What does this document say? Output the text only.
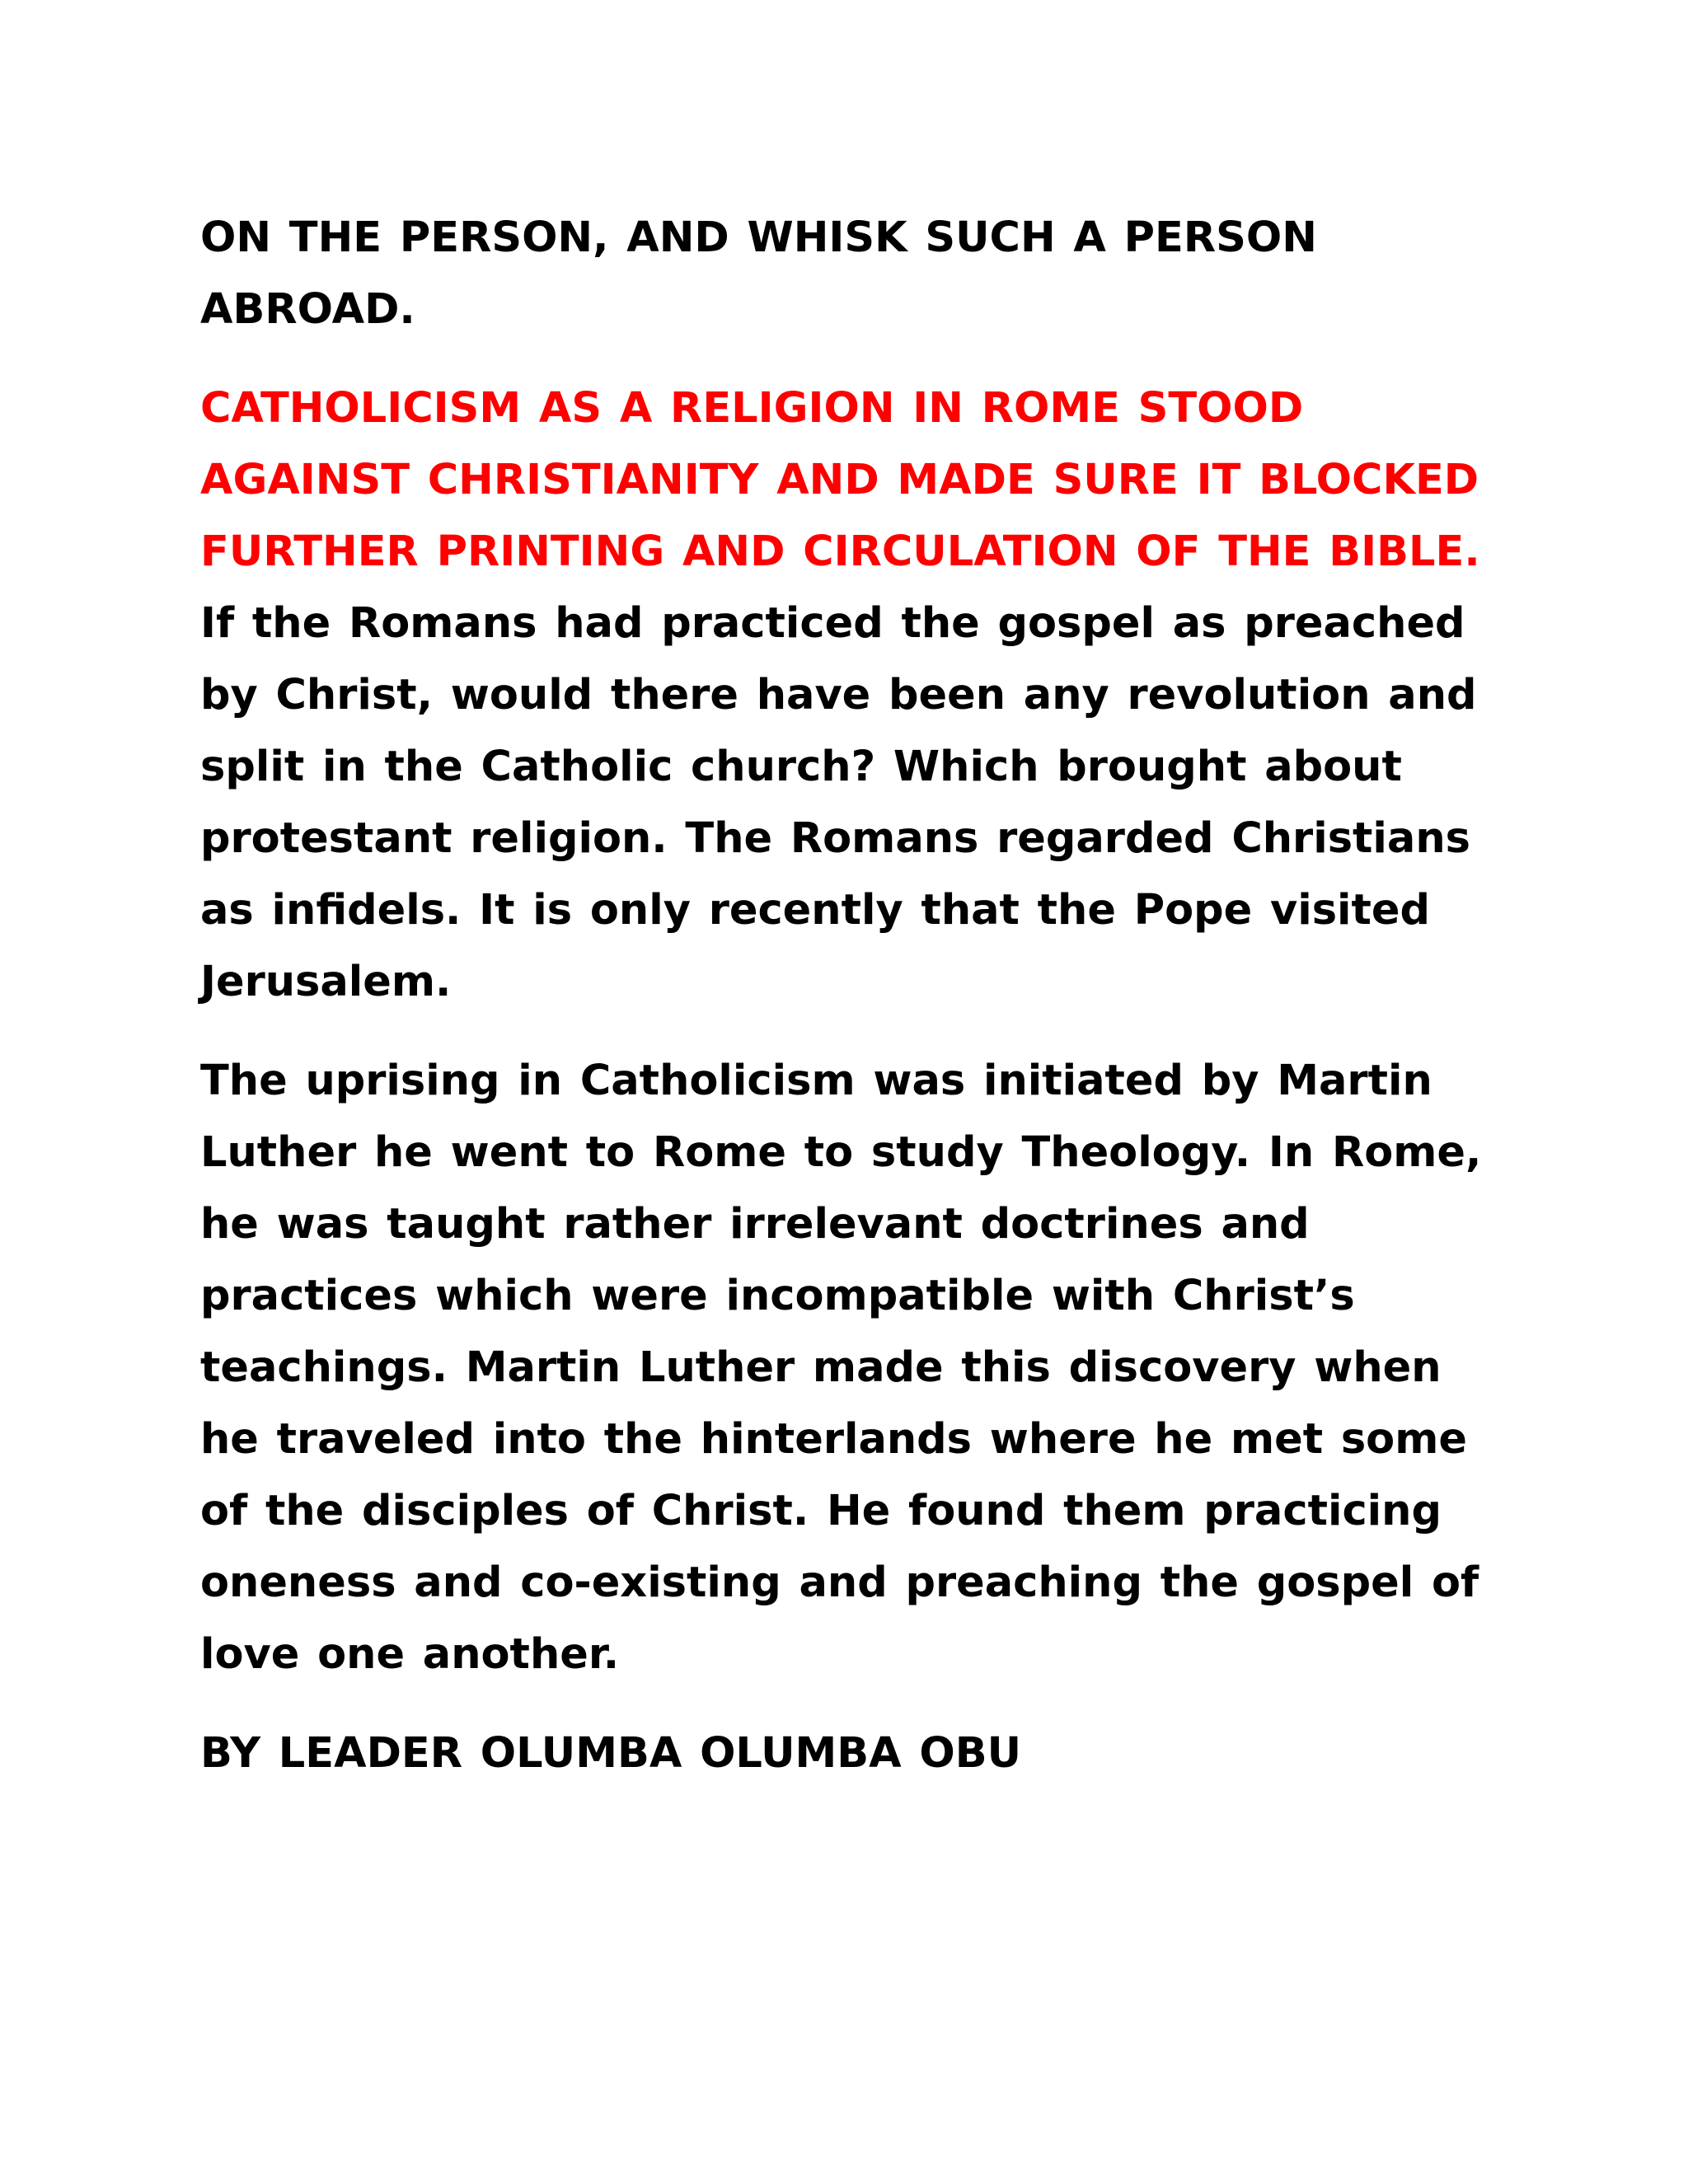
ON THE PERSON, AND WHISK SUCH A PERSON ABROAD.

CATHOLICISM AS A RELIGION IN ROME STOOD AGAINST CHRISTIANITY AND MADE SURE IT BLOCKED FURTHER PRINTING AND CIRCULATION OF THE BIBLE. If the Romans had practiced the gospel as preached by Christ, would there have been any revolution and split in the Catholic church? Which brought about protestant religion. The Romans regarded Christians as infidels. It is only recently that the Pope visited Jerusalem.

The uprising in Catholicism was initiated by Martin Luther he went to Rome to study Theology. In Rome, he was taught rather irrelevant doctrines and practices which were incompatible with Christ’s teachings. Martin Luther made this discovery when he traveled into the hinterlands where he met some of the disciples of Christ. He found them practicing oneness and co-existing and preaching the gospel of love one another.

BY LEADER OLUMBA OLUMBA OBU
